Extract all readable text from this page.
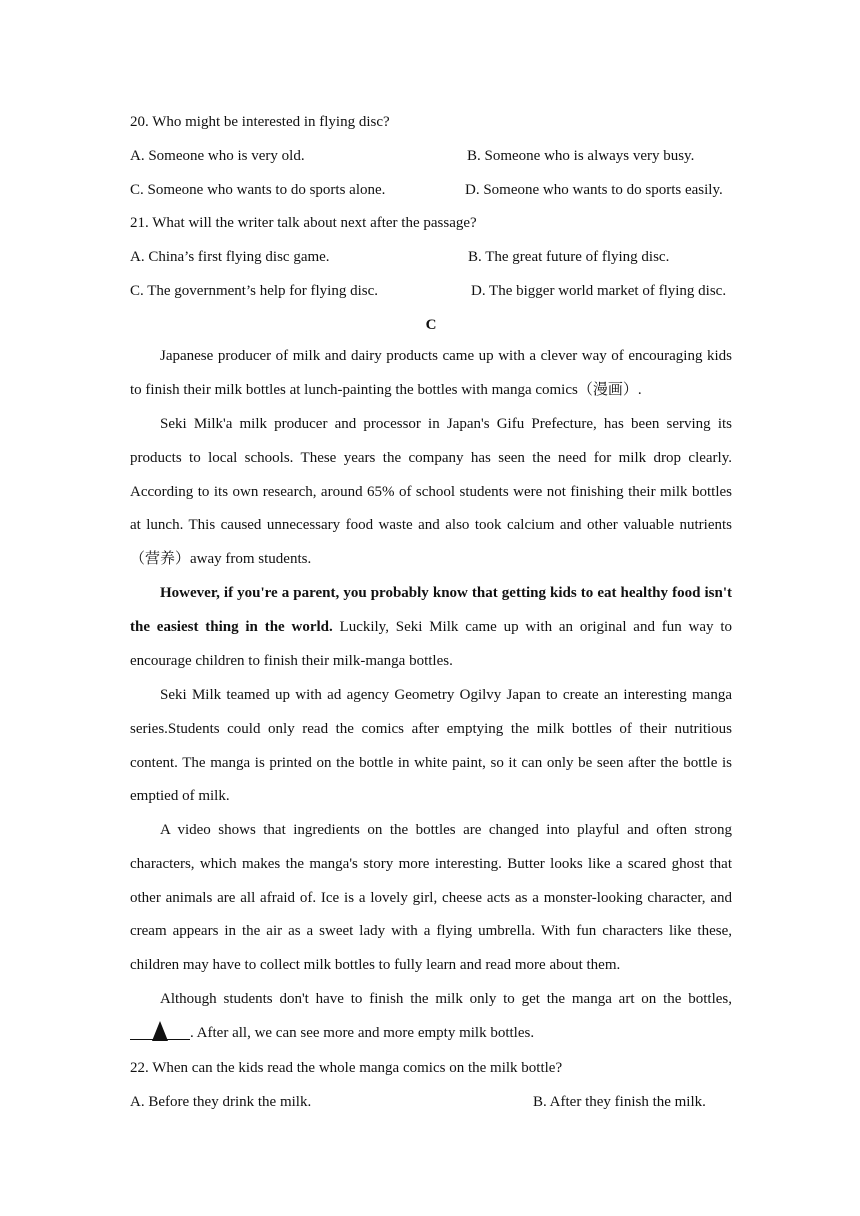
20. Who might be interested in flying disc?
A. Someone who is very old.	B. Someone who is always very busy.
C. Someone who wants to do sports alone.	D. Someone who wants to do sports easily.
21. What will the writer talk about next after the passage?
A. China’s first flying disc game.	B. The great future of flying disc.
C. The government’s help for flying disc.	D. The bigger world market of flying disc.
C
Japanese producer of milk and dairy products came up with a clever way of encouraging kids to finish their milk bottles at lunch-painting the bottles with manga comics（漫画）.
Seki Milk'a milk producer and processor in Japan's Gifu Prefecture, has been serving its products to local schools. These years the company has seen the need for milk drop clearly. According to its own research, around 65% of school students were not finishing their milk bottles at lunch. This caused unnecessary food waste and also took calcium and other valuable nutrients（营养）away from students.
However, if you're a parent, you probably know that getting kids to eat healthy food isn't the easiest thing in the world. Luckily, Seki Milk came up with an original and fun way to encourage children to finish their milk-manga bottles.
Seki Milk teamed up with ad agency Geometry Ogilvy Japan to create an interesting manga series.Students could only read the comics after emptying the milk bottles of their nutritious content. The manga is printed on the bottle in white paint, so it can only be seen after the bottle is emptied of milk.
A video shows that ingredients on the bottles are changed into playful and often strong characters, which makes the manga's story more interesting. Butter looks like a scared ghost that other animals are all afraid of. Ice is a lovely girl, cheese acts as a monster-looking character, and cream appears in the air as a sweet lady with a flying umbrella. With fun characters like these, children may have to collect milk bottles to fully learn and read more about them.
Although students don't have to finish the milk only to get the manga art on the bottles,
. After all, we can see more and more empty milk bottles.
22. When can the kids read the whole manga comics on the milk bottle?
A. Before they drink the milk.	B. After they finish the milk.
